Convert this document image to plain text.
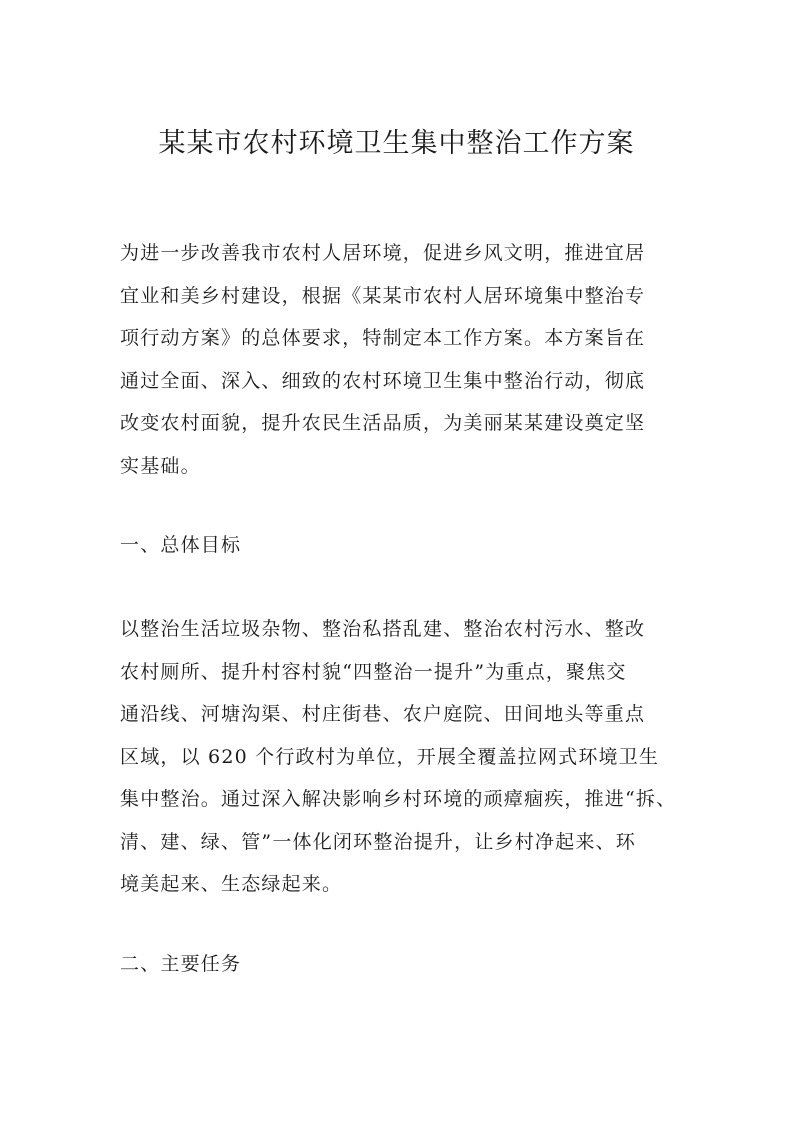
某某市农村环境卫生集中整治工作方案

为进一步改善我市农村人居环境，促进乡风文明，推进宜居
宜业和美乡村建设，根据《某某市农村人居环境集中整治专
项行动方案》的总体要求，特制定本工作方案。本方案旨在
通过全面、深入、细致的农村环境卫生集中整治行动，彻底
改变农村面貌，提升农民生活品质，为美丽某某建设奠定坚
实基础。

一、总体目标

以整治生活垃圾杂物、整治私搭乱建、整治农村污水、整改
农村厕所、提升村容村貌“四整治一提升”为重点，聚焦交
通沿线、河塘沟渠、村庄街巷、农户庭院、田间地头等重点
区域，以 620 个行政村为单位，开展全覆盖拉网式环境卫生
集中整治。通过深入解决影响乡村环境的顽瘴痼疾，推进“拆、
清、建、绿、管”一体化闭环整治提升，让乡村净起来、环
境美起来、生态绿起来。

二、主要任务
